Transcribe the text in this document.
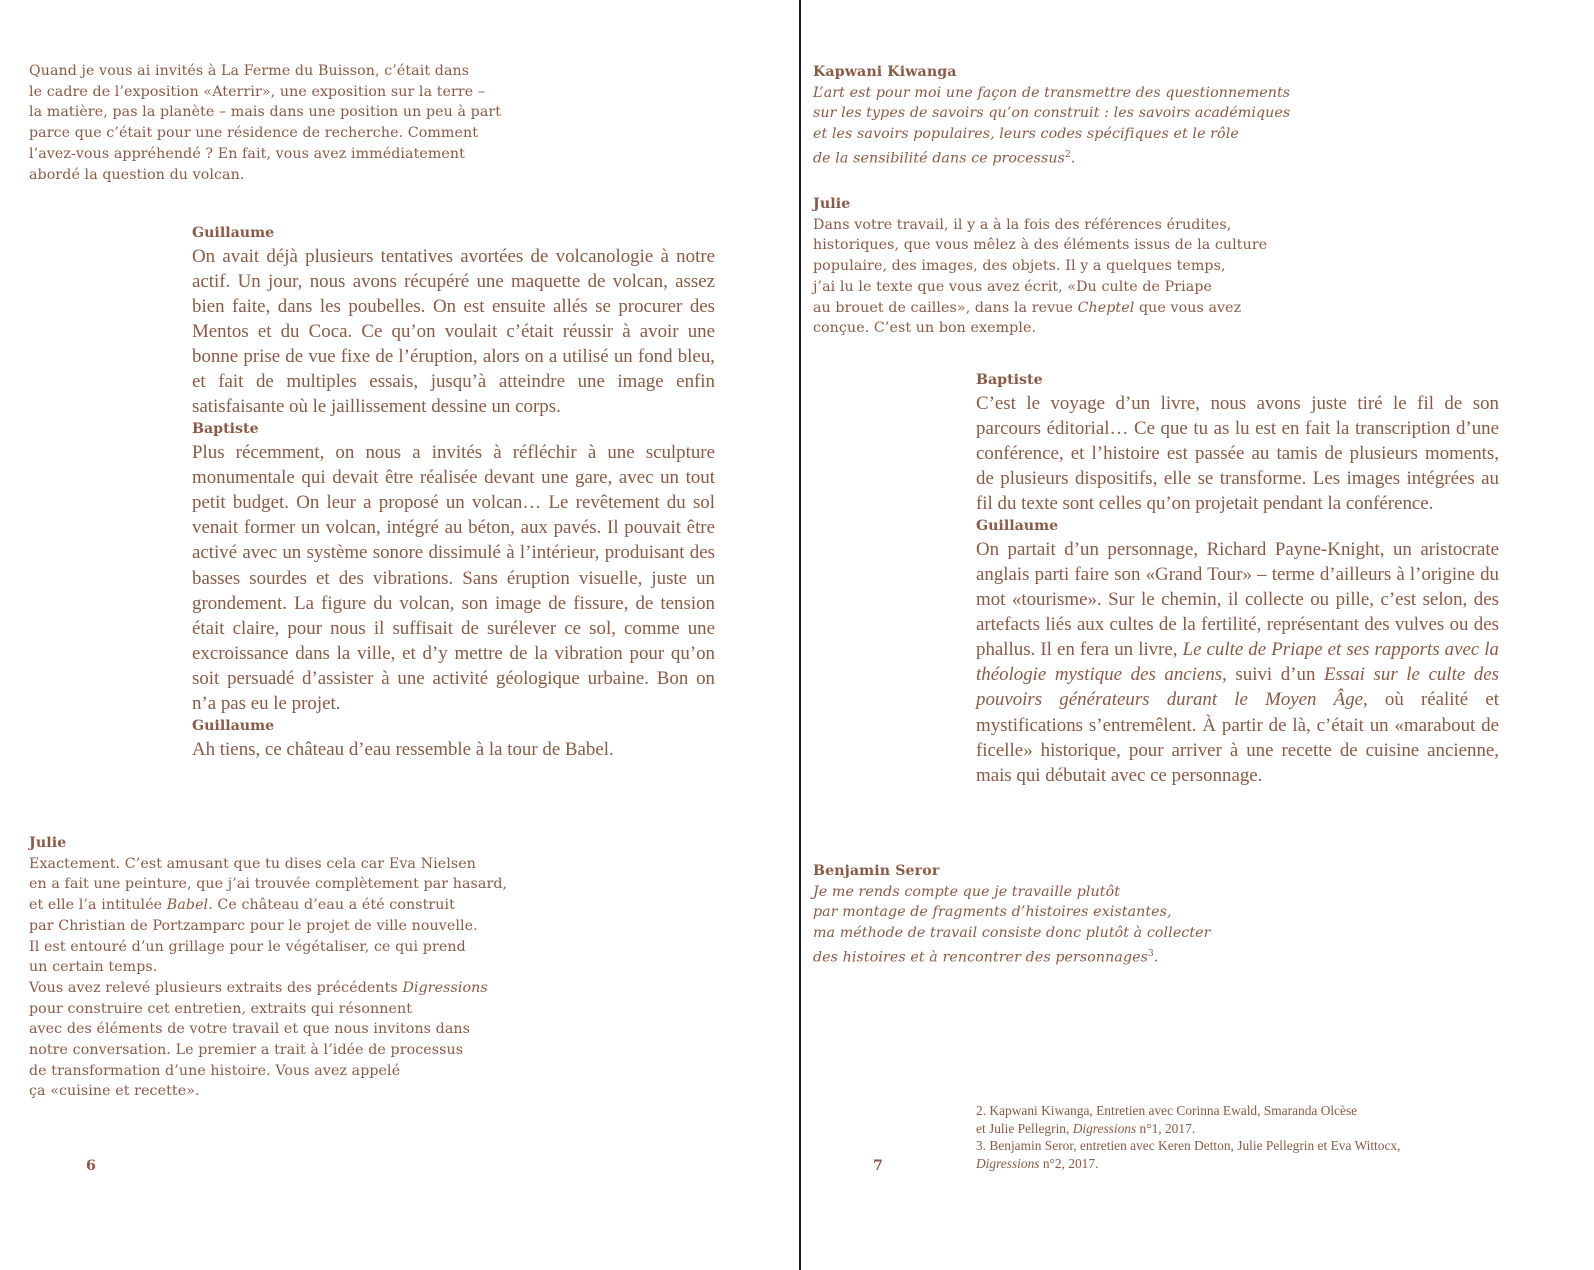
Quand je vous ai invités à La Ferme du Buisson, c’était dans
le cadre de l’exposition «Aterrir», une exposition sur la terre –
la matière, pas la planète – mais dans une position un peu à part
parce que c’était pour une résidence de recherche. Comment
l’avez-vous appréhendé ? En fait, vous avez immédiatement
abordé la question du volcan.
Guillaume
On avait déjà plusieurs tentatives avortées de volcanologie à notre actif. Un jour, nous avons récupéré une maquette de volcan, assez bien faite, dans les poubelles. On est ensuite allés se procurer des Mentos et du Coca. Ce qu’on voulait c’était réussir à avoir une bonne prise de vue fixe de l’éruption, alors on a utilisé un fond bleu, et fait de multiples essais, jusqu’à atteindre une image enfin satisfaisante où le jaillissement dessine un corps.
Baptiste
Plus récemment, on nous a invités à réfléchir à une sculpture monumentale qui devait être réalisée devant une gare, avec un tout petit budget. On leur a proposé un volcan… Le revêtement du sol venait former un volcan, intégré au béton, aux pavés. Il pouvait être activé avec un système sonore dissimulé à l’intérieur, produisant des basses sourdes et des vibrations. Sans éruption visuelle, juste un grondement. La figure du volcan, son image de fissure, de tension était claire, pour nous il suffisait de surélever ce sol, comme une excroissance dans la ville, et d’y mettre de la vibration pour qu’on soit persuadé d’assister à une activité géologique urbaine. Bon on n’a pas eu le projet.
Guillaume
Ah tiens, ce château d’eau ressemble à la tour de Babel.
Julie
Exactement. C’est amusant que tu dises cela car Eva Nielsen
en a fait une peinture, que j’ai trouvée complètement par hasard,
et elle l’a intitulée Babel. Ce château d’eau a été construit
par Christian de Portzamparc pour le projet de ville nouvelle.
Il est entouré d’un grillage pour le végétaliser, ce qui prend
un certain temps.
Vous avez relevé plusieurs extraits des précédents Digressions
pour construire cet entretien, extraits qui résonnent
avec des éléments de votre travail et que nous invitons dans
notre conversation. Le premier a trait à l’idée de processus
de transformation d’une histoire. Vous avez appelé
ça «cuisine et recette».
6
Kapwani Kiwanga
L’art est pour moi une façon de transmettre des questionnements
sur les types de savoirs qu’on construit : les savoirs académiques
et les savoirs populaires, leurs codes spécifiques et le rôle
de la sensibilité dans ce processus$^2$.
Julie
Dans votre travail, il y a à la fois des références érudites,
historiques, que vous mêlez à des éléments issus de la culture
populaire, des images, des objets. Il y a quelques temps,
j’ai lu le texte que vous avez écrit, «Du culte de Priape
au brouet de cailles», dans la revue Cheptel que vous avez
conçue. C’est un bon exemple.
Baptiste
C’est le voyage d’un livre, nous avons juste tiré le fil de son parcours éditorial… Ce que tu as lu est en fait la transcription d’une conférence, et l’histoire est passée au tamis de plusieurs moments, de plusieurs dispositifs, elle se transforme. Les images intégrées au fil du texte sont celles qu’on projetait pendant la conférence.
Guillaume
On partait d’un personnage, Richard Payne-Knight, un aristocrate anglais parti faire son «Grand Tour» – terme d’ailleurs à l’origine du mot «tourisme». Sur le chemin, il collecte ou pille, c’est selon, des artefacts liés aux cultes de la fertilité, représentant des vulves ou des phallus. Il en fera un livre, Le culte de Priape et ses rapports avec la théologie mystique des anciens, suivi d’un Essai sur le culte des pouvoirs générateurs durant le Moyen Âge, où réalité et mystifications s’entremêlent. À partir de là, c’était un «marabout de ficelle» historique, pour arriver à une recette de cuisine ancienne, mais qui débutait avec ce personnage.
Benjamin Seror
Je me rends compte que je travaille plutôt
par montage de fragments d’histoires existantes,
ma méthode de travail consiste donc plutôt à collecter
des histoires et à rencontrer des personnages$^3$.
2. Kapwani Kiwanga, Entretien avec Corinna Ewald, Smaranda Olcèse
et Julie Pellegrin, Digressions n°1, 2017.
3. Benjamin Seror, entretien avec Keren Detton, Julie Pellegrin et Eva Wittocx,
Digressions n°2, 2017.
7
